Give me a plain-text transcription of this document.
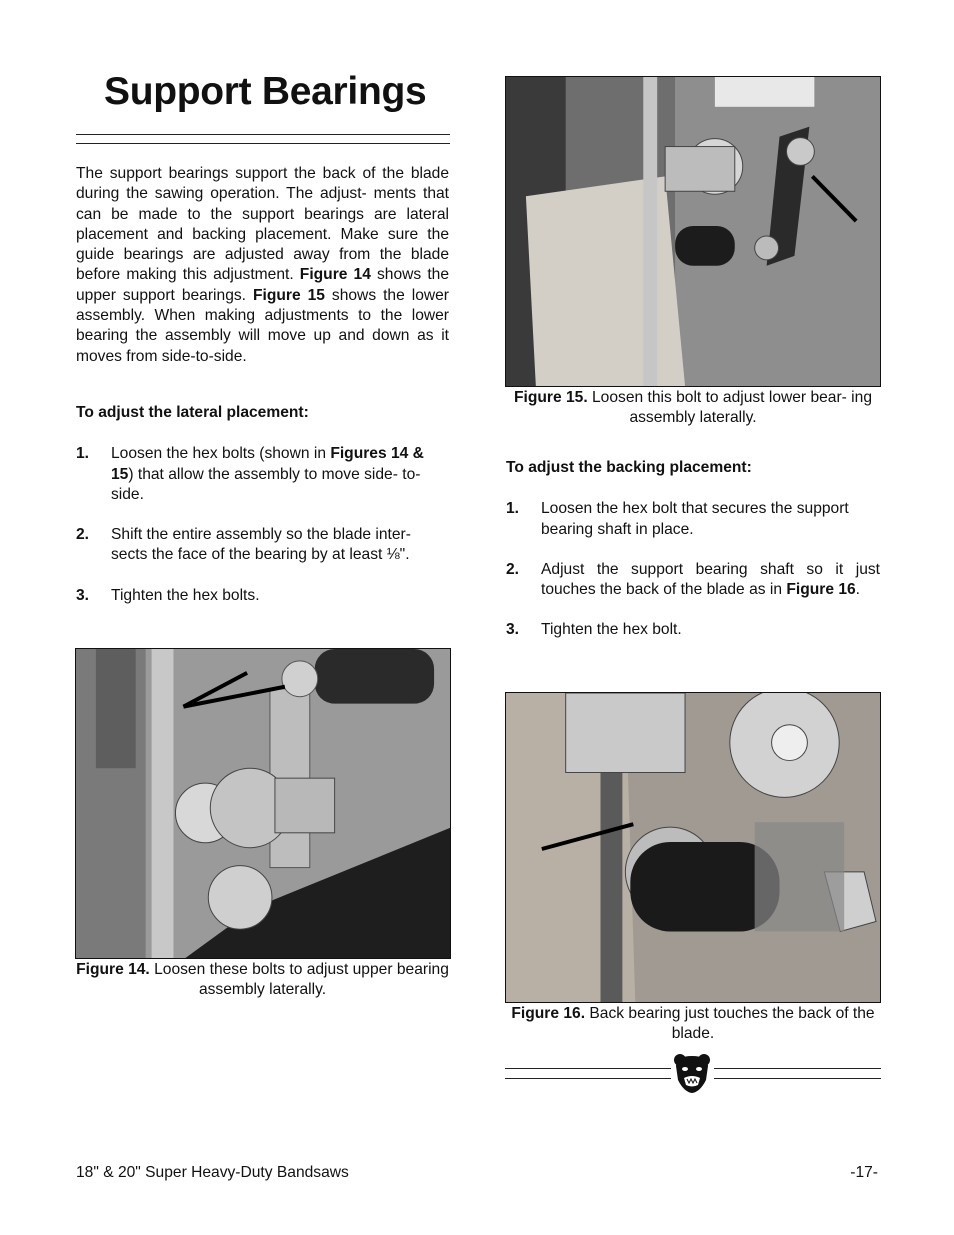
Support Bearings

The support bearings support the back of the blade during the sawing operation. The adjust- ments that can be made to the support bearings are lateral placement and backing placement. Make sure the guide bearings are adjusted away from the blade before making this adjustment. Figure 14 shows the upper support bearings. Figure 15 shows the lower assembly. When making adjustments to the lower bearing the assembly will move up and down as it moves from side-to-side.

To adjust the lateral placement:

1. Loosen the hex bolts (shown in Figures 14 & 15) that allow the assembly to move side- to-side.
2. Shift the entire assembly so the blade inter- sects the face of the bearing by at least ⅛".
3. Tighten the hex bolts.

Figure 14. Loosen these bolts to adjust upper bearing assembly laterally.

Figure 15. Loosen this bolt to adjust lower bear- ing assembly laterally.

To adjust the backing placement:

1. Loosen the hex bolt that secures the support bearing shaft in place.
2. Adjust the support bearing shaft so it just touches the back of the blade as in Figure 16.
3. Tighten the hex bolt.

Figure 16. Back bearing just touches the back of the blade.

18" & 20" Super Heavy-Duty Bandsaws	-17-
